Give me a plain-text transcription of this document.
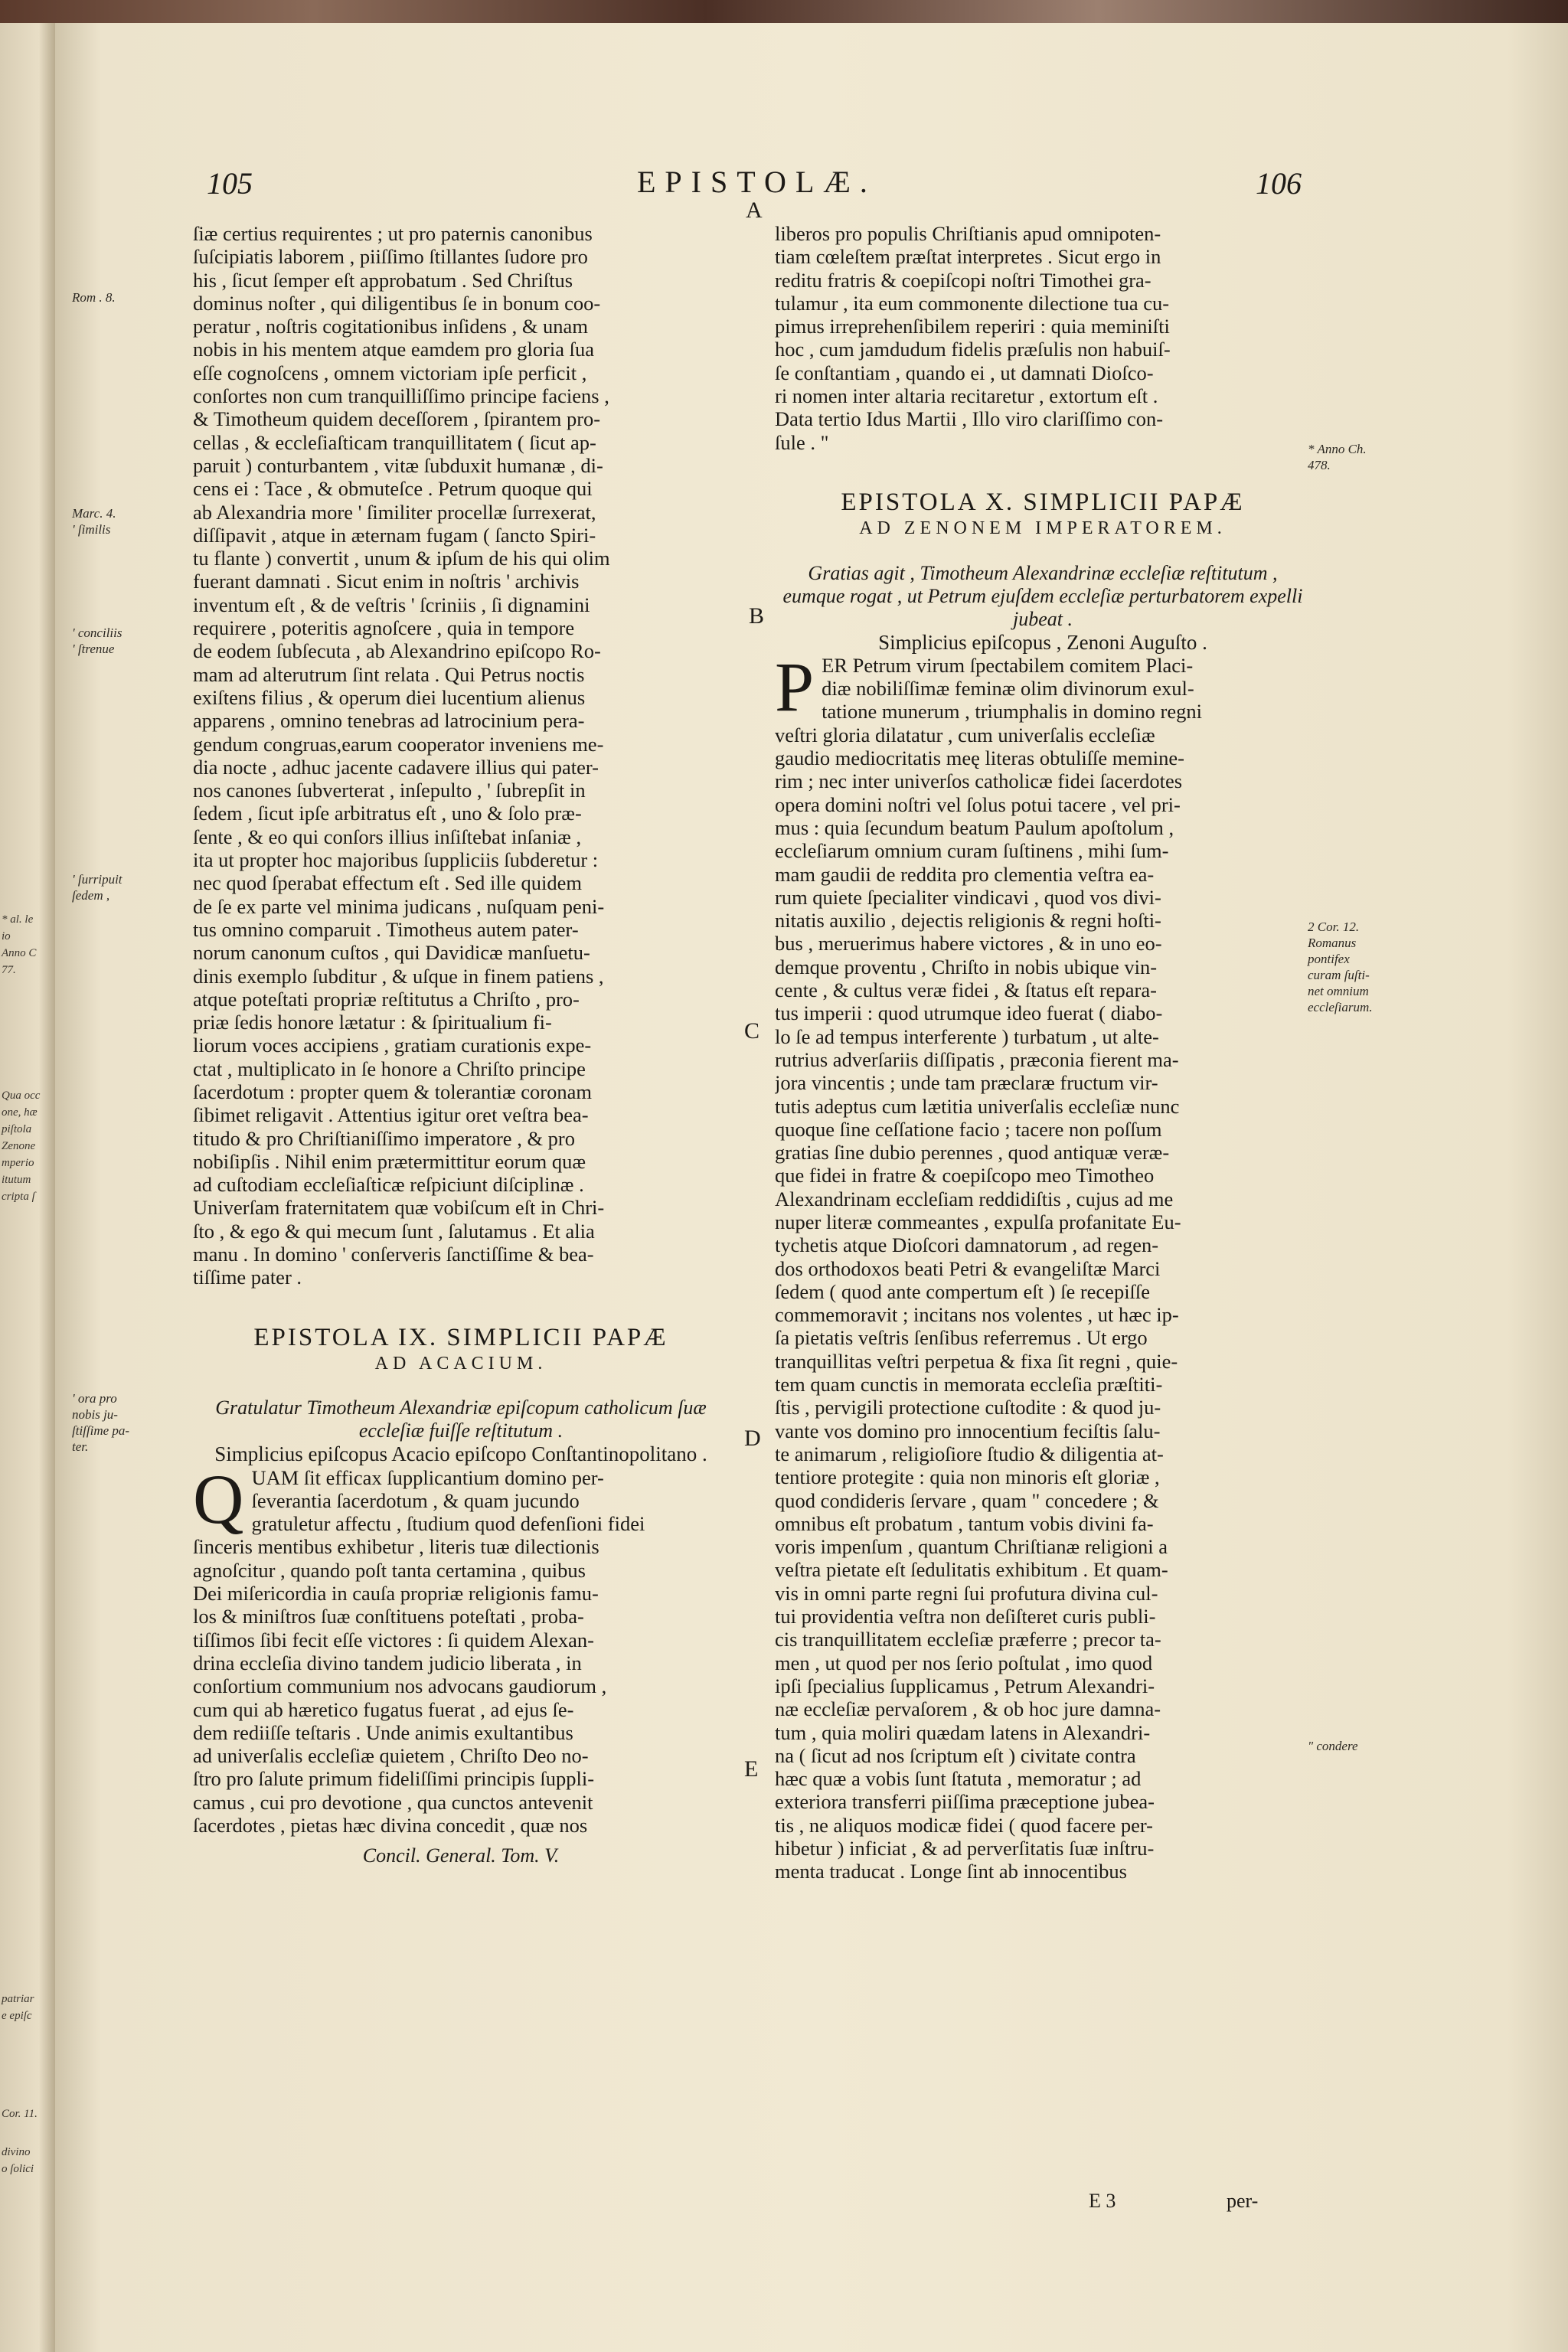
* al. le
io
Anno C
77.
Qua occ
one, hæ
piſtola
Zenone
mperio
itutum
cripta ſ
patriar
e epiſc
Cor. 11.
divino
o ſolici
105	EPISTOLÆ.	106
ſiæ certius requirentes ; ut pro paternis canonibus
ſuſcipiatis laborem , piiſſimo ſtillantes ſudore pro
his , ſicut ſemper eſt approbatum . Sed Chriſtus
dominus noſter , qui diligentibus ſe in bonum coo-
peratur , noſtris cogitationibus inſidens , & unam
nobis in his mentem atque eamdem pro gloria ſua
eſſe cognoſcens , omnem victoriam ipſe perficit ,
conſortes non cum tranquilliſſimo principe faciens ,
& Timotheum quidem deceſſorem , ſpirantem pro-
cellas , & eccleſiaſticam tranquillitatem ( ſicut ap-
paruit ) conturbantem , vitæ ſubduxit humanæ , di-
cens ei : Tace , & obmuteſce . Petrum quoque qui
ab Alexandria more ' ſimiliter procellæ ſurrexerat,
diſſipavit , atque in æternam fugam ( ſancto Spiri-
tu flante ) convertit , unum & ipſum de his qui olim
fuerant damnati . Sicut enim in noſtris ' archivis
inventum eſt , & de veſtris ' ſcriniis , ſi dignamini
requirere , poteritis agnoſcere , quia in tempore
de eodem ſubſecuta , ab Alexandrino epiſcopo Ro-
mam ad alterutrum ſint relata . Qui Petrus noctis
exiſtens filius , & operum diei lucentium alienus
apparens , omnino tenebras ad latrocinium pera-
gendum congruas,earum cooperator inveniens me-
dia nocte , adhuc jacente cadavere illius qui pater-
nos canones ſubverterat , inſepulto , ' ſubrepſit in
ſedem , ſicut ipſe arbitratus eſt , uno & ſolo præ-
ſente , & eo qui conſors illius inſiſtebat inſaniæ ,
ita ut propter hoc majoribus ſuppliciis ſubderetur :
nec quod ſperabat effectum eſt . Sed ille quidem
de ſe ex parte vel minima judicans , nuſquam peni-
tus omnino comparuit . Timotheus autem pater-
norum canonum cuſtos , qui Davidicæ manſuetu-
dinis exemplo ſubditur , & uſque in finem patiens ,
atque poteſtati propriæ reſtitutus a Chriſto , pro-
priæ ſedis honore lætatur : & ſpiritualium fi-
liorum voces accipiens , gratiam curationis expe-
ctat , multiplicato in ſe honore a Chriſto principe
ſacerdotum : propter quem & tolerantiæ coronam
ſibimet religavit . Attentius igitur oret veſtra bea-
titudo & pro Chriſtianiſſimo imperatore , & pro
nobiſipſis . Nihil enim prætermittitur eorum quæ
ad cuſtodiam eccleſiaſticæ reſpiciunt diſciplinæ .
Univerſam fraternitatem quæ vobiſcum eſt in Chri-
ſto , & ego & qui mecum ſunt , ſalutamus . Et alia
manu . In domino ' conſerveris ſanctiſſime & bea-
tiſſime pater .
EPISTOLA IX. SIMPLICII PAPÆ
AD ACACIUM.

Gratulatur Timotheum Alexandriæ epiſcopum catholicum ſuæ eccleſiæ fuiſſe reſtitutum .

Simplicius epiſcopus Acacio epiſcopo Conſtantinopolitano .

Q UAM ſit efficax ſupplicantium domino per-
ſeverantia ſacerdotum , & quam jucundo
gratuletur affectu , ſtudium quod defenſioni fidei
ſinceris mentibus exhibetur , literis tuæ dilectionis
agnoſcitur , quando poſt tanta certamina , quibus
Dei miſericordia in cauſa propriæ religionis famu-
los & miniſtros ſuæ conſtituens poteſtati , proba-
tiſſimos ſibi fecit eſſe victores : ſi quidem Alexan-
drina eccleſia divino tandem judicio liberata , in
conſortium communium nos advocans gaudiorum ,
cum qui ab hæretico fugatus fuerat , ad ejus ſe-
dem rediiſſe teſtaris . Unde animis exultantibus
ad univerſalis eccleſiæ quietem , Chriſto Deo no-
ſtro pro ſalute primum fideliſſimi principis ſuppli-
camus , cui pro devotione , qua cunctos antevenit
ſacerdotes , pietas hæc divina concedit , quæ nos
Concil. General. Tom. V.
liberos pro populis Chriſtianis apud omnipoten-
tiam cœleſtem præſtat interpretes . Sicut ergo in
reditu fratris & coepiſcopi noſtri Timothei gra-
tulamur , ita eum commonente dilectione tua cu-
pimus irreprehenſibilem reperiri : quia meminiſti
hoc , cum jamdudum fidelis præſulis non habuiſ-
ſe conſtantiam , quando ei , ut damnati Dioſco-
ri nomen inter altaria recitaretur , extortum eſt .
Data tertio Idus Martii , Illo viro clariſſimo con-
ſule . "
EPISTOLA X. SIMPLICII PAPÆ
AD ZENONEM IMPERATOREM.

Gratias agit , Timotheum Alexandrinæ eccleſiæ reſtitutum , eumque rogat , ut Petrum ejuſdem eccleſiæ perturbatorem expelli jubeat .

Simplicius epiſcopus , Zenoni Auguſto .

P ER Petrum virum ſpectabilem comitem Placi-
diæ nobiliſſimæ feminæ olim divinorum exul-
tatione munerum , triumphalis in domino regni
veſtri gloria dilatatur , cum univerſalis eccleſiæ
gaudio mediocritatis meę literas obtuliſſe memine-
rim ; nec inter univerſos catholicæ fidei ſacerdotes
opera domini noſtri vel ſolus potui tacere , vel pri-
mus : quia ſecundum beatum Paulum apoſtolum ,
eccleſiarum omnium curam ſuſtinens , mihi ſum-
mam gaudii de reddita pro clementia veſtra ea-
rum quiete ſpecialiter vindicavi , quod vos divi-
nitatis auxilio , dejectis religionis & regni hoſti-
bus , meruerimus habere victores , & in uno eo-
demque proventu , Chriſto in nobis ubique vin-
cente , & cultus veræ fidei , & ſtatus eſt repara-
tus imperii : quod utrumque ideo fuerat ( diabo-
lo ſe ad tempus interferente ) turbatum , ut alte-
rutrius adverſariis diſſipatis , præconia fierent ma-
jora vincentis ; unde tam præclaræ fructum vir-
tutis adeptus cum lætitia univerſalis eccleſiæ nunc
quoque ſine ceſſatione facio ; tacere non poſſum
gratias ſine dubio perennes , quod antiquæ veræ-
que fidei in fratre & coepiſcopo meo Timotheo
Alexandrinam eccleſiam reddidiſtis , cujus ad me
nuper literæ commeantes , expulſa profanitate Eu-
tychetis atque Dioſcori damnatorum , ad regen-
dos orthodoxos beati Petri & evangeliſtæ Marci
ſedem ( quod ante compertum eſt ) ſe recepiſſe
commemoravit ; incitans nos volentes , ut hæc ip-
ſa pietatis veſtris ſenſibus referremus . Ut ergo
tranquillitas veſtri perpetua & fixa ſit regni , quie-
tem quam cunctis in memorata eccleſia præſtiti-
ſtis , pervigili protectione cuſtodite : & quod ju-
vante vos domino pro innocentium feciſtis ſalu-
te animarum , religioſiore ſtudio & diligentia at-
tentiore protegite : quia non minoris eſt gloriæ ,
quod condideris ſervare , quam " concedere ; &
omnibus eſt probatum , tantum vobis divini fa-
voris impenſum , quantum Chriſtianæ religioni a
veſtra pietate eſt ſedulitatis exhibitum . Et quam-
vis in omni parte regni ſui profutura divina cul-
tui providentia veſtra non deſiſteret curis publi-
cis tranquillitatem eccleſiæ præferre ; precor ta-
men , ut quod per nos ſerio poſtulat , imo quod
ipſi ſpecialius ſupplicamus , Petrum Alexandri-
næ eccleſiæ pervaſorem , & ob hoc jure damna-
tum , quia moliri quædam latens in Alexandri-
na ( ſicut ad nos ſcriptum eſt ) civitate contra
hæc quæ a vobis ſunt ſtatuta , memoratur ; ad
exteriora transferri piiſſima præceptione jubea-
tis , ne aliquos modicæ fidei ( quod facere per-
hibetur ) inficiat , & ad perverſitatis ſuæ inſtru-
menta traducat . Longe ſint ab innocentibus
E 3	per-
A
B
C
D
E
Rom . 8.
Marc. 4.
' ſimilis
' conciliis
' ſtrenue
' ſurripuit
ſedem ,
' ora pro
nobis ju-
ſtiſſime pa-
ter.
* Anno Ch.
478.
2 Cor. 12.
Romanus
pontifex
curam ſuſti-
net omnium
eccleſiarum.
" condere
